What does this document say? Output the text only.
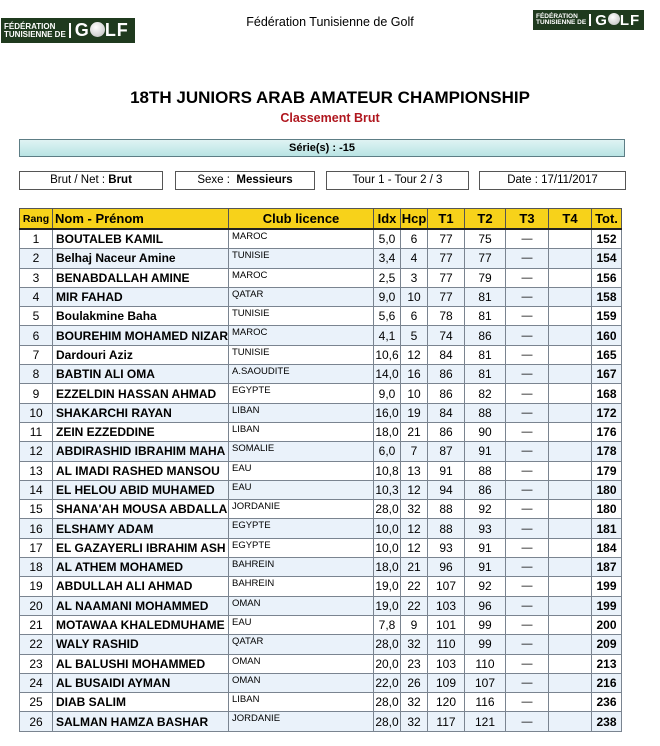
FÉDÉRATION
TUNISIENNE DE G LF	Fédération Tunisienne de Golf	FÉDÉRATION
TUNISIENNE DE G LF
18TH JUNIORS ARAB AMATEUR CHAMPIONSHIP
Classement Brut
Série(s) : -15
Brut / Net : Brut	Sexe : Messieurs	Tour 1 - Tour 2 / 3	Date : 17/11/2017
Rang	Nom - Prénom	Club licence	Idx	Hcp	T1	T2	T3	T4	Tot.
1	BOUTALEB KAMIL	MAROC	5,0	6	77	75	—		152
2	Belhaj Naceur Amine	TUNISIE	3,4	4	77	77	—		154
3	BENABDALLAH AMINE	MAROC	2,5	3	77	79	—		156
4	MIR FAHAD	QATAR	9,0	10	77	81	—		158
5	Boulakmine Baha	TUNISIE	5,6	6	78	81	—		159
6	BOUREHIM MOHAMED NIZAR	MAROC	4,1	5	74	86	—		160
7	Dardouri Aziz	TUNISIE	10,6	12	84	81	—		165
8	BABTIN ALI OMA	A.SAOUDITE	14,0	16	86	81	—		167
9	EZZELDIN HASSAN AHMAD	EGYPTE	9,0	10	86	82	—		168
10	SHAKARCHI RAYAN	LIBAN	16,0	19	84	88	—		172
11	ZEIN EZZEDDINE	LIBAN	18,0	21	86	90	—		176
12	ABDIRASHID IBRAHIM MAHA	SOMALIE	6,0	7	87	91	—		178
13	AL IMADI RASHED MANSOU	EAU	10,8	13	91	88	—		179
14	EL HELOU ABID MUHAMED	EAU	10,3	12	94	86	—		180
15	SHANA'AH MOUSA ABDALLA	JORDANIE	28,0	32	88	92	—		180
16	ELSHAMY ADAM	EGYPTE	10,0	12	88	93	—		181
17	EL GAZAYERLI IBRAHIM ASH	EGYPTE	10,0	12	93	91	—		184
18	AL ATHEM MOHAMED	BAHREIN	18,0	21	96	91	—		187
19	ABDULLAH ALI AHMAD	BAHREIN	19,0	22	107	92	—		199
20	AL NAAMANI MOHAMMED	OMAN	19,0	22	103	96	—		199
21	MOTAWAA KHALEDMUHAME	EAU	7,8	9	101	99	—		200
22	WALY RASHID	QATAR	28,0	32	110	99	—		209
23	AL BALUSHI MOHAMMED	OMAN	20,0	23	103	110	—		213
24	AL BUSAIDI AYMAN	OMAN	22,0	26	109	107	—		216
25	DIAB SALIM	LIBAN	28,0	32	120	116	—		236
26	SALMAN HAMZA BASHAR	JORDANIE	28,0	32	117	121	—		238
